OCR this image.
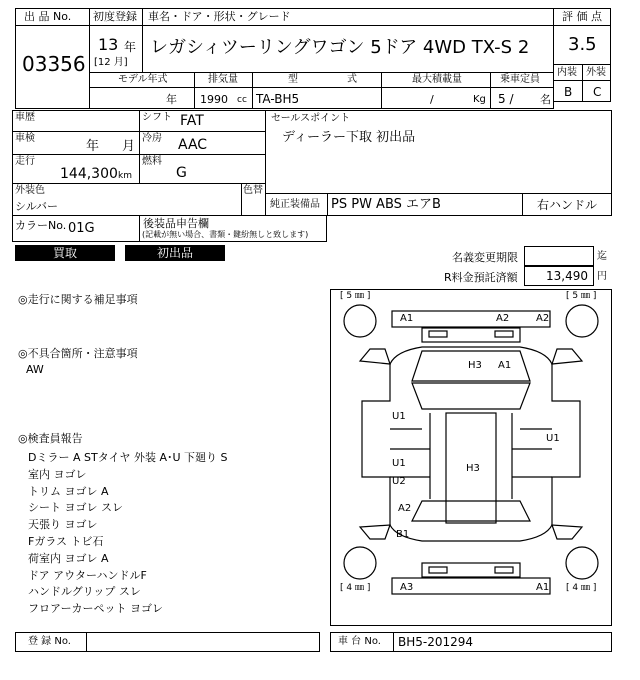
出 品 No.
03356
初度登録
13 年
[12 月]
車名・ドア・形状・グレード
レガシィツーリングワゴン 5ドア 4WD TX-S 2
評 価 点
3.5
内装 外装
B C
モデル年式	排気量	型	式	最大積載量	乗車定員
年 1990 cc TA-BH5	/	Kg 5 / 名
車歴	シフト FAT
車検
年 月
冷房 AAC
走行
144,300 km
燃料
G
外装色
シルバー
色替
カラーNo. 01G	後装品申告欄
(記載が無い場合、書類・鍵紛無しと致します)
セールスポイント
ディーラー下取 初出品
純正装備品 PS PW ABS エアB	右ハンドル
買取	初出品	名義変更期限	迄
R料金預託済額 13,490 円
◎走行に関する補足事項
◎不具合箇所・注意事項
AW
◎検査員報告
Dミラー A STタイヤ 外装 A･U 下廻り S
室内 ヨゴレ
トリム ヨゴレ A
シート ヨゴレ スレ
天張り ヨゴレ
Fガラス トビ石
荷室内 ヨゴレ A
ドア アウターハンドルF
ハンドルグリップ スレ
フロアーカーペット ヨゴレ
[ 5 ㎜ ]	[ 5 ㎜ ]
[ 4 ㎜ ]	[ 4 ㎜ ]
A1	A2	A2
H3 A1
U1
U1
U1
U2
H3
A2
B1
A3	A1
登 録 No.	車 台 No. BH5-201294
